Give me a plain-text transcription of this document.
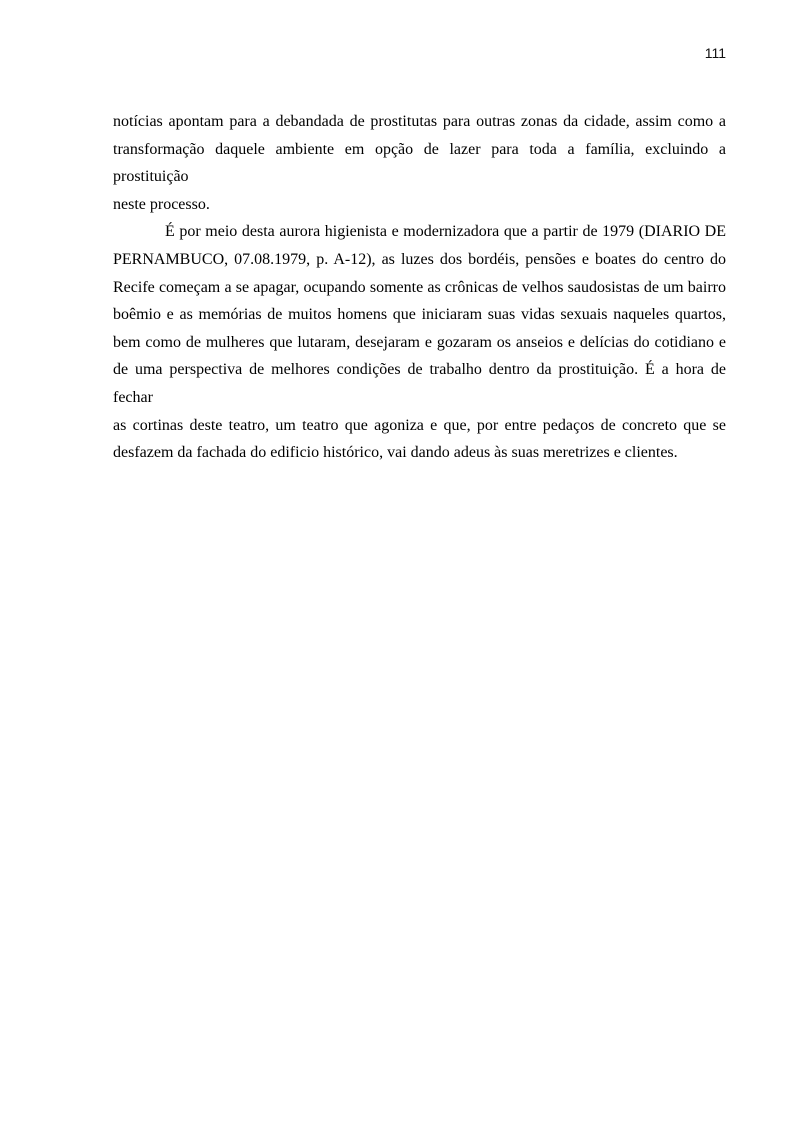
111

notícias apontam para a debandada de prostitutas para outras zonas da cidade, assim como a
transformação daquele ambiente em opção de lazer para toda a família, excluindo a prostituição
neste processo.

É por meio desta aurora higienista e modernizadora que a partir de 1979 (DIARIO DE
PERNAMBUCO, 07.08.1979, p. A-12), as luzes dos bordéis, pensões e boates do centro do
Recife começam a se apagar, ocupando somente as crônicas de velhos saudosistas de um bairro
boêmio e as memórias de muitos homens que iniciaram suas vidas sexuais naqueles quartos,
bem como de mulheres que lutaram, desejaram e gozaram os anseios e delícias do cotidiano e
de uma perspectiva de melhores condições de trabalho dentro da prostituição. É a hora de fechar
as cortinas deste teatro, um teatro que agoniza e que, por entre pedaços de concreto que se
desfazem da fachada do edificio histórico, vai dando adeus às suas meretrizes e clientes.
